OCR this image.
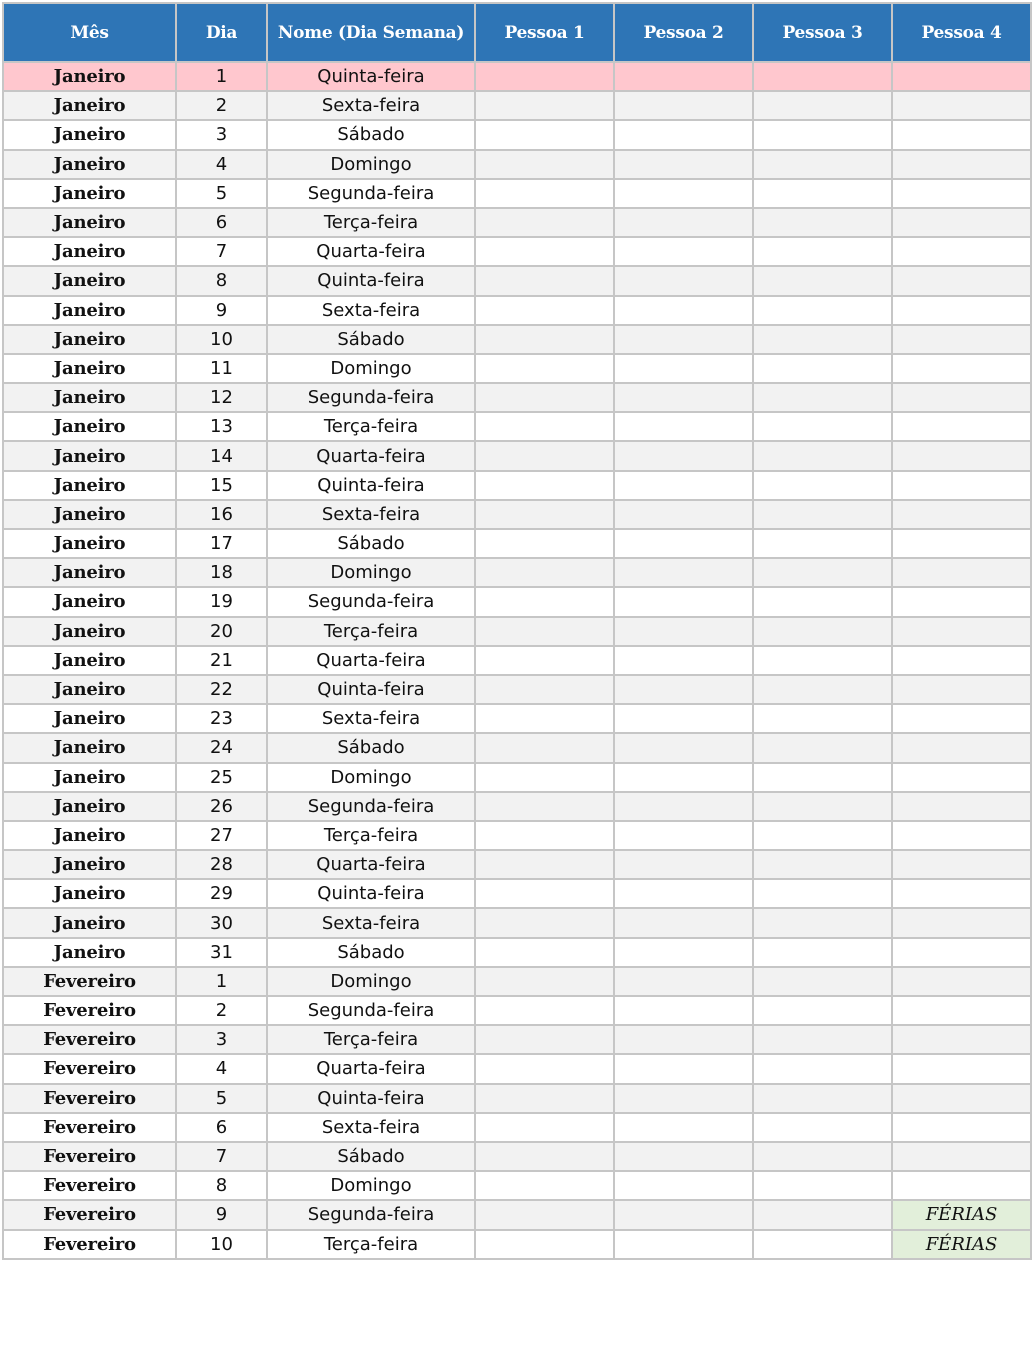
Mês	Dia	Nome (Dia Semana)	Pessoa 1	Pessoa 2	Pessoa 3	Pessoa 4
Janeiro	1	Quinta-feira				
Janeiro	2	Sexta-feira				
Janeiro	3	Sábado				
Janeiro	4	Domingo				
Janeiro	5	Segunda-feira				
Janeiro	6	Terça-feira				
Janeiro	7	Quarta-feira				
Janeiro	8	Quinta-feira				
Janeiro	9	Sexta-feira				
Janeiro	10	Sábado				
Janeiro	11	Domingo				
Janeiro	12	Segunda-feira				
Janeiro	13	Terça-feira				
Janeiro	14	Quarta-feira				
Janeiro	15	Quinta-feira				
Janeiro	16	Sexta-feira				
Janeiro	17	Sábado				
Janeiro	18	Domingo				
Janeiro	19	Segunda-feira				
Janeiro	20	Terça-feira				
Janeiro	21	Quarta-feira				
Janeiro	22	Quinta-feira				
Janeiro	23	Sexta-feira				
Janeiro	24	Sábado				
Janeiro	25	Domingo				
Janeiro	26	Segunda-feira				
Janeiro	27	Terça-feira				
Janeiro	28	Quarta-feira				
Janeiro	29	Quinta-feira				
Janeiro	30	Sexta-feira				
Janeiro	31	Sábado				
Fevereiro	1	Domingo				
Fevereiro	2	Segunda-feira				
Fevereiro	3	Terça-feira				
Fevereiro	4	Quarta-feira				
Fevereiro	5	Quinta-feira				
Fevereiro	6	Sexta-feira				
Fevereiro	7	Sábado				
Fevereiro	8	Domingo				
Fevereiro	9	Segunda-feira				FÉRIAS
Fevereiro	10	Terça-feira				FÉRIAS
